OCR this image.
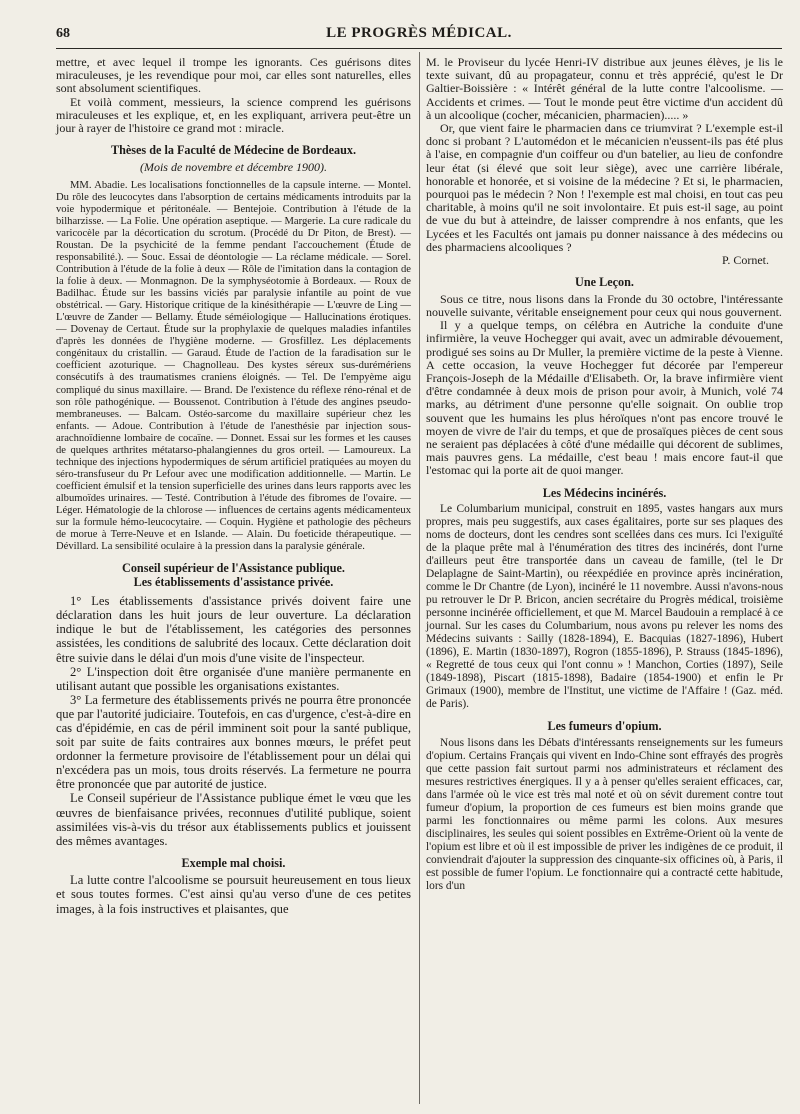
68	LE PROGRÈS MÉDICAL.

mettre, et avec lequel il trompe les ignorants. Ces guérisons dites miraculeuses, je les revendique pour moi, car elles sont naturelles, elles sont absolument scientifiques.

Et voilà comment, messieurs, la science comprend les guérisons miraculeuses et les explique, et, en les expliquant, arrivera peut-être un jour à rayer de l'histoire ce grand mot : miracle.

Thèses de la Faculté de Médecine de Bordeaux.
(Mois de novembre et décembre 1900).

MM. Abadie. Les localisations fonctionnelles de la capsule interne. — Montel. Du rôle des leucocytes dans l'absorption de certains médicaments introduits par la voie hypodermique et péritonéale. — Bentejoie. Contribution à l'étude de la bilharzisse. — La Folie. Une opération aseptique. — Margerie. La cure radicale du varicocèle par la décortication du scrotum. (Procédé du Dr Piton, de Brest). — Roustan. De la psychicité de la femme pendant l'accouchement (Étude de responsabilité.). — Souc. Essai de déontologie — La réclame médicale. — Sorel. Contribution à l'étude de la folie à deux — Rôle de l'imitation dans la contagion de la folie à deux. — Monmagnon. De la symphyséotomie à Bordeaux. — Roux de Badilhac. Étude sur les bassins viciés par paralysie infantile au point de vue obstétrical. — Gary. Historique critique de la kinésithérapie — L'œuvre de Ling — L'œuvre de Zander — Bellamy. Étude séméiologique — Hallucinations érotiques. — Dovenay de Certaut. Étude sur la prophylaxie de quelques maladies infantiles d'après les données de l'hygiène moderne. — Grosfillez. Les déplacements congénitaux du cristallin. — Garaud. Étude de l'action de la faradisation sur le coefficient azoturique. — Chagnolleau. Des kystes séreux sus-durémériens consécutifs à des traumatismes craniens éloignés. — Tel. De l'empyème aigu compliqué du sinus maxillaire. — Brand. De l'existence du réflexe réno-rénal et de son rôle pathogénique. — Boussenot. Contribution à l'étude des angines pseudo-membraneuses. — Balcam. Ostéo-sarcome du maxillaire supérieur chez les enfants. — Adoue. Contribution à l'étude de l'anesthésie par injection sous-arachnoïdienne lombaire de cocaïne. — Donnet. Essai sur les formes et les causes de quelques arthrites métatarso-phalangiennes du gros orteil. — Lamoureux. La technique des injections hypodermiques de sérum artificiel pratiquées au moyen du séro-transfuseur du Pr Lefour avec une modification additionnelle. — Martin. Le coefficient émulsif et la tension superficielle des urines dans leurs rapports avec les albumoïdes urinaires. — Testé. Contribution à l'étude des fibromes de l'ovaire. — Léger. Hématologie de la chlorose — influences de certains agents médicamenteux sur la formule hémo-leucocytaire. — Coquin. Hygiène et pathologie des pêcheurs de morue à Terre-Neuve et en Islande. — Alain. Du foeticide thérapeutique. — Dévillard. La sensibilité oculaire à la pression dans la paralysie générale.

Conseil supérieur de l'Assistance publique.
Les établissements d'assistance privée.

1° Les établissements d'assistance privés doivent faire une déclaration dans les huit jours de leur ouverture. La déclaration indique le but de l'établissement, les catégories des personnes assistées, les conditions de salubrité des locaux. Cette déclaration doit être suivie dans le délai d'un mois d'une visite de l'inspecteur.

2° L'inspection doit être organisée d'une manière permanente en utilisant autant que possible les organisations existantes.

3° La fermeture des établissements privés ne pourra être prononcée que par l'autorité judiciaire. Toutefois, en cas d'urgence, c'est-à-dire en cas d'épidémie, en cas de péril imminent soit pour la santé publique, soit par suite de faits contraires aux bonnes mœurs, le préfet peut ordonner la fermeture provisoire de l'établissement pour un délai qui n'excédera pas un mois, tous droits réservés. La fermeture ne pourra être prononcée que par autorité de justice.

Le Conseil supérieur de l'Assistance publique émet le vœu que les œuvres de bienfaisance privées, reconnues d'utilité publique, soient assimilées vis-à-vis du trésor aux établissements publics et jouissent des mêmes avantages.

Exemple mal choisi.

La lutte contre l'alcoolisme se poursuit heureusement en tous lieux et sous toutes formes. C'est ainsi qu'au verso d'une de ces petites images, à la fois instructives et plaisantes, que

M. le Proviseur du lycée Henri-IV distribue aux jeunes élèves, je lis le texte suivant, dû au propagateur, connu et très apprécié, qu'est le Dr Galtier-Boissière : « Intérêt général de la lutte contre l'alcoolisme. — Accidents et crimes. — Tout le monde peut être victime d'un accident dû à un alcoolique (cocher, mécanicien, pharmacien)..... »

Or, que vient faire le pharmacien dans ce triumvirat ? L'exemple est-il donc si probant ? L'automédon et le mécanicien n'eussent-ils pas été plus à l'aise, en compagnie d'un coiffeur ou d'un batelier, au lieu de confondre leur état (si élevé que soit leur siège), avec une carrière libérale, honorable et honorée, et si voisine de la médecine ? Et si, le pharmacien, pourquoi pas le médecin ? Non ! l'exemple est mal choisi, en tout cas peu charitable, à moins qu'il ne soit involontaire. Et puis est-il sage, au point de vue du but à atteindre, de laisser comprendre à nos enfants, que les Lycées et les Facultés ont jamais pu donner naissance à des médecins ou des pharmaciens alcooliques ?

P. Cornet.

Une Leçon.

Sous ce titre, nous lisons dans la Fronde du 30 octobre, l'intéressante nouvelle suivante, véritable enseignement pour ceux qui nous gouvernent.

Il y a quelque temps, on célébra en Autriche la conduite d'une infirmière, la veuve Hochegger qui avait, avec un admirable dévouement, prodigué ses soins au Dr Muller, la première victime de la peste à Vienne. A cette occasion, la veuve Hochegger fut décorée par l'empereur François-Joseph de la Médaille d'Elisabeth. Or, la brave infirmière vient d'être condamnée à deux mois de prison pour avoir, à Munich, volé 74 marks, au détriment d'une personne qu'elle soignait. On oublie trop souvent que les humains les plus héroïques n'ont pas encore trouvé le moyen de vivre de l'air du temps, et que de prosaïques pièces de cent sous ne seraient pas déplacées à côté d'une médaille qui décorent de sublimes, mais pauvres gens. La médaille, c'est beau ! mais encore faut-il que l'estomac qui la porte ait de quoi manger.

Les Médecins incinérés.

Le Columbarium municipal, construit en 1895, vastes hangars aux murs propres, mais peu suggestifs, aux cases égalitaires, porte sur ses plaques des noms de docteurs, dont les cendres sont scellées dans ces murs. Ici l'exiguïté de la plaque prête mal à l'énumération des titres des incinérés, dont l'urne d'ailleurs peut être transportée dans un caveau de famille, (tel le Dr Delaplagne de Saint-Martin), ou réexpédiée en province après incinération, comme le Dr Chantre (de Lyon), incinéré le 11 novembre. Aussi n'avons-nous pu retrouver le Dr P. Bricon, ancien secrétaire du Progrès médical, troisième personne incinérée officiellement, et que M. Marcel Baudouin a remplacé à ce journal. Sur les cases du Columbarium, nous avons pu relever les noms des Médecins suivants : Sailly (1828-1894), E. Bacquias (1827-1896), Hubert (1896), E. Martin (1830-1897), Rogron (1855-1896), P. Strauss (1845-1896), « Regretté de tous ceux qui l'ont connu » ! Manchon, Corties (1897), Seile (1849-1898), Piscart (1815-1898), Badaire (1854-1900) et enfin le Pr Grimaux (1900), membre de l'Institut, une victime de l'Affaire ! (Gaz. méd. de Paris).

Les fumeurs d'opium.

Nous lisons dans les Débats d'intéressants renseignements sur les fumeurs d'opium. Certains Français qui vivent en Indo-Chine sont effrayés des progrès que cette passion fait surtout parmi nos administrateurs et réclament des mesures restrictives énergiques. Il y a à penser qu'elles seraient efficaces, car, dans l'armée où le vice est très mal noté et où on sévit durement contre tout fumeur d'opium, la proportion de ces fumeurs est bien moins grande que parmi les fonctionnaires ou même parmi les colons. Aux mesures disciplinaires, les seules qui soient possibles en Extrême-Orient où la vente de l'opium est libre et où il est impossible de priver les indigènes de ce produit, il conviendrait d'ajouter la suppression des cinquante-six officines où, à Paris, il est possible de fumer l'opium. Le fonctionnaire qui a contracté cette habitude, lors d'un
